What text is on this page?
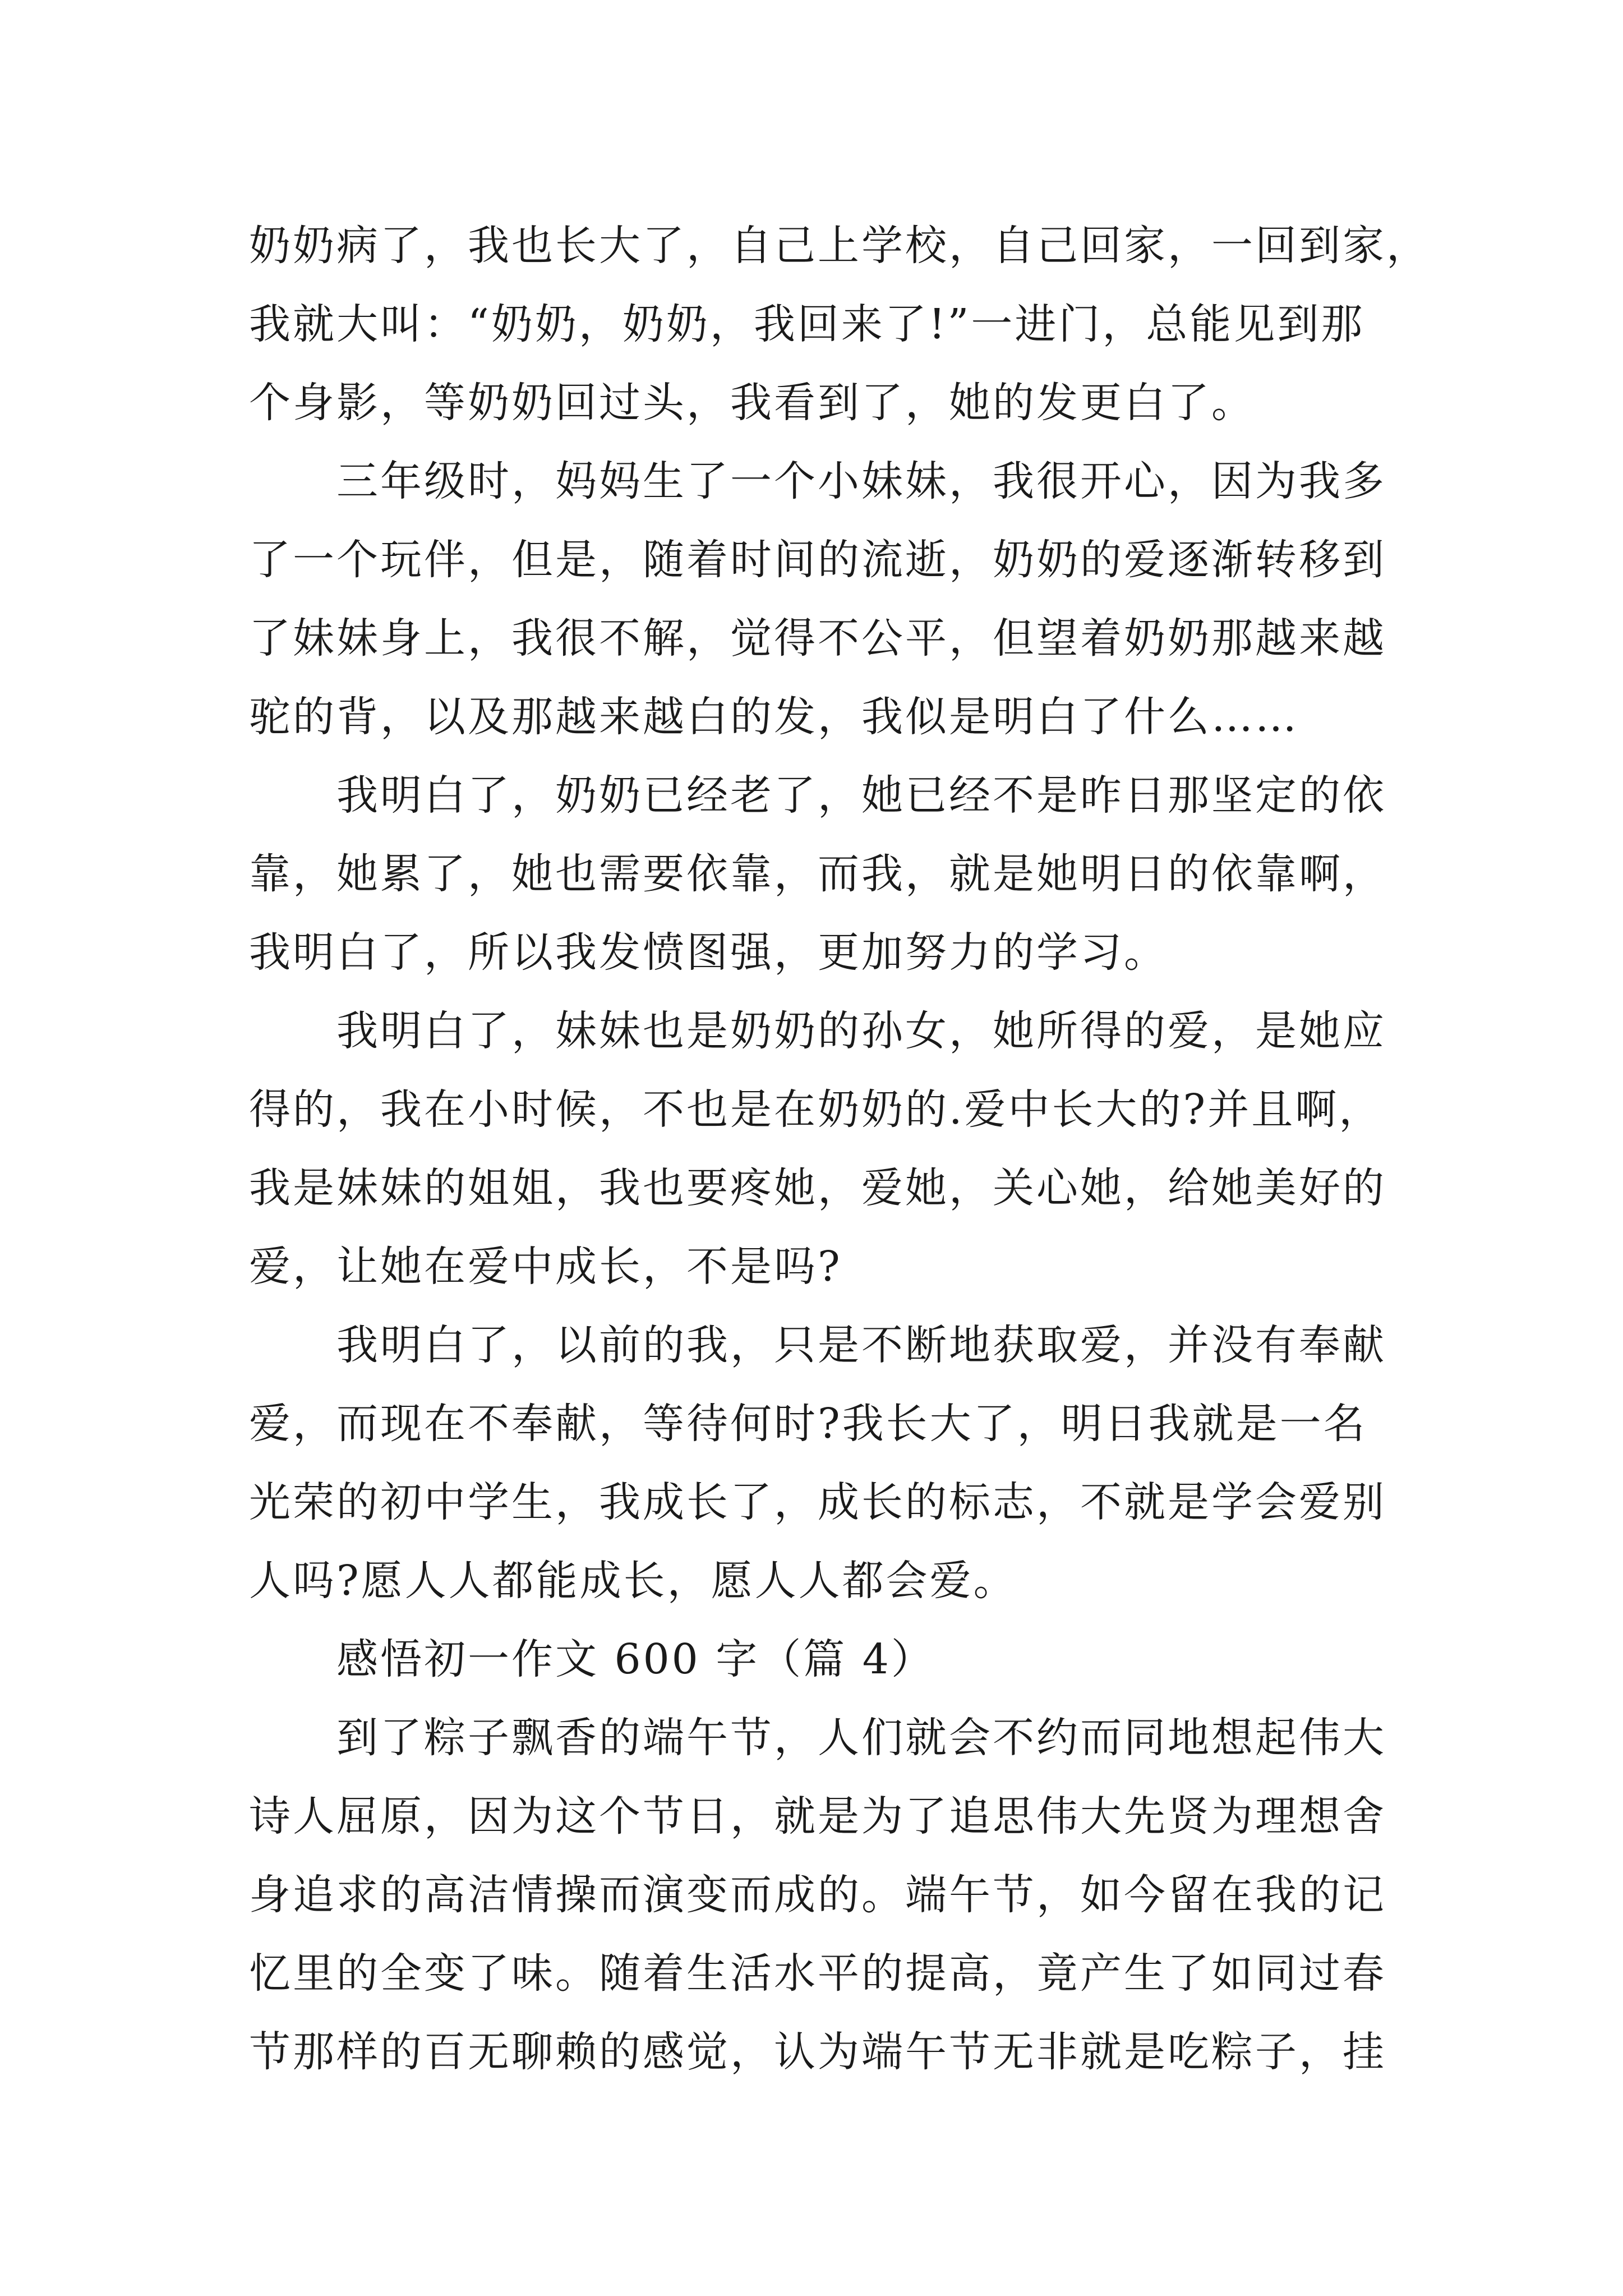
奶奶病了，我也长大了，自己上学校，自己回家，一回到家，
我就大叫：“奶奶，奶奶，我回来了!”一进门，总能见到那
个身影，等奶奶回过头，我看到了，她的发更白了。
三年级时，妈妈生了一个小妹妹，我很开心，因为我多
了一个玩伴，但是，随着时间的流逝，奶奶的爱逐渐转移到
了妹妹身上，我很不解，觉得不公平，但望着奶奶那越来越
驼的背，以及那越来越白的发，我似是明白了什么……
我明白了，奶奶已经老了，她已经不是昨日那坚定的依
靠，她累了，她也需要依靠，而我，就是她明日的依靠啊，
我明白了，所以我发愤图强，更加努力的学习。
我明白了，妹妹也是奶奶的孙女，她所得的爱，是她应
得的，我在小时候，不也是在奶奶的.爱中长大的?并且啊，
我是妹妹的姐姐，我也要疼她，爱她，关心她，给她美好的
爱，让她在爱中成长，不是吗?
我明白了，以前的我，只是不断地获取爱，并没有奉献
爱，而现在不奉献，等待何时?我长大了，明日我就是一名
光荣的初中学生，我成长了，成长的标志，不就是学会爱别
人吗?愿人人都能成长，愿人人都会爱。
感悟初一作文 600 字（篇 4）
到了粽子飘香的端午节，人们就会不约而同地想起伟大
诗人屈原，因为这个节日，就是为了追思伟大先贤为理想舍
身追求的高洁情操而演变而成的。端午节，如今留在我的记
忆里的全变了味。随着生活水平的提高，竟产生了如同过春
节那样的百无聊赖的感觉，认为端午节无非就是吃粽子，挂
